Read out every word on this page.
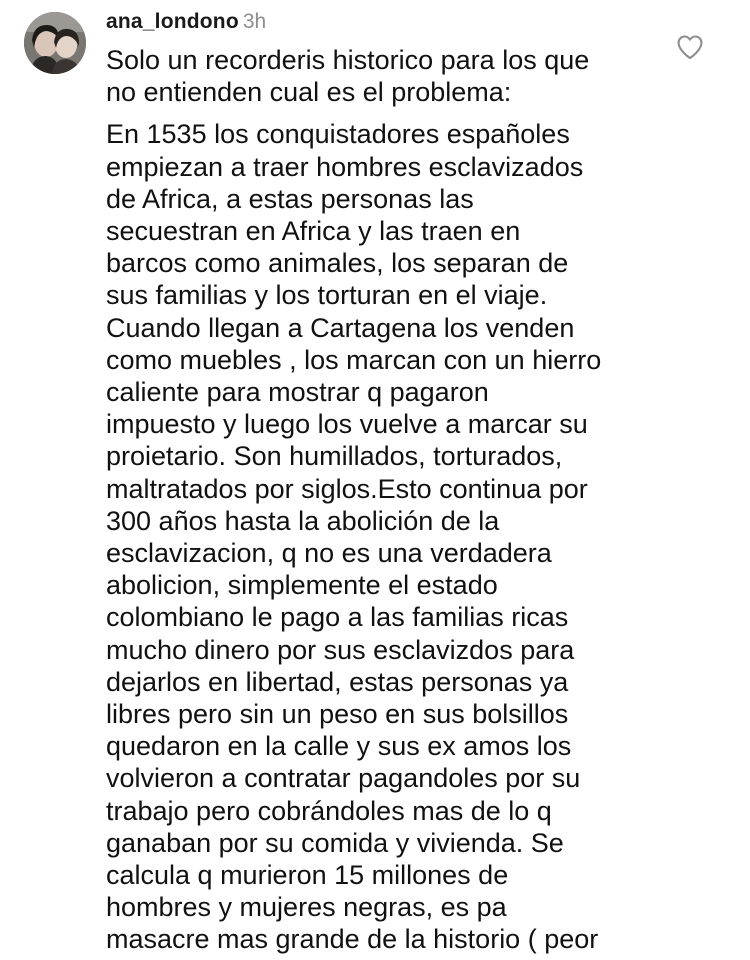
ana_londono 3h

Solo un recorderis historico para los que
no entienden cual es el problema:

En 1535 los conquistadores españoles
empiezan a traer hombres esclavizados
de Africa, a estas personas las
secuestran en Africa y las traen en
barcos como animales, los separan de
sus familias y los torturan en el viaje.
Cuando llegan a Cartagena los venden
como muebles , los marcan con un hierro
caliente para mostrar q pagaron
impuesto y luego los vuelve a marcar su
proietario. Son humillados, torturados,
maltratados por siglos.Esto continua por
300 años hasta la abolición de la
esclavizacion, q no es una verdadera
abolicion, simplemente el estado
colombiano le pago a las familias ricas
mucho dinero por sus esclavizdos para
dejarlos en libertad, estas personas ya
libres pero sin un peso en sus bolsillos
quedaron en la calle y sus ex amos los
volvieron a contratar pagandoles por su
trabajo pero cobrándoles mas de lo q
ganaban por su comida y vivienda. Se
calcula q murieron 15 millones de
hombres y mujeres negras, es pa
masacre mas grande de la historio ( peor
